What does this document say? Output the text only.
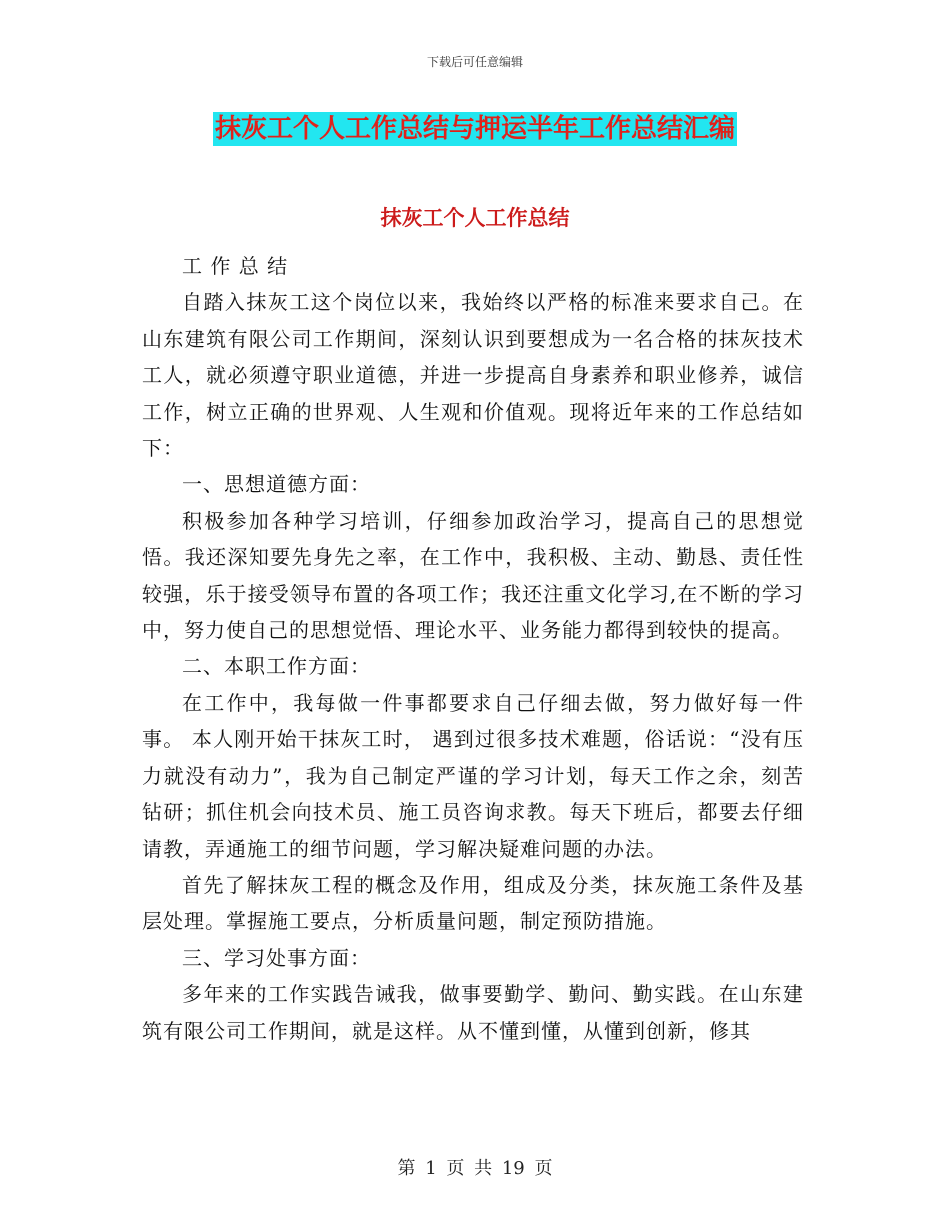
下载后可任意编辑
抹灰工个人工作总结与押运半年工作总结汇编
抹灰工个人工作总结

工 作 总 结

自踏入抹灰工这个岗位以来，我始终以严格的标准来要求自己。在山东建筑有限公司工作期间，深刻认识到要想成为一名合格的抹灰技术工人，就必须遵守职业道德，并进一步提高自身素养和职业修养，诚信工作，树立正确的世界观、人生观和价值观。现将近年来的工作总结如下：

一、思想道德方面：

积极参加各种学习培训，仔细参加政治学习，提高自己的思想觉悟。我还深知要先身先之率，在工作中，我积极、主动、勤恳、责任性较强，乐于接受领导布置的各项工作；我还注重文化学习,在不断的学习中，努力使自己的思想觉悟、理论水平、业务能力都得到较快的提高。

二、本职工作方面：

在工作中，我每做一件事都要求自己仔细去做，努力做好每一件事。 本人刚开始干抹灰工时， 遇到过很多技术难题，俗话说：“没有压力就没有动力”，我为自己制定严谨的学习计划，每天工作之余，刻苦钻研；抓住机会向技术员、施工员咨询求教。每天下班后，都要去仔细请教，弄通施工的细节问题，学习解决疑难问题的办法。

首先了解抹灰工程的概念及作用，组成及分类，抹灰施工条件及基层处理。掌握施工要点，分析质量问题，制定预防措施。

三、学习处事方面：

多年来的工作实践告诫我，做事要勤学、勤问、勤实践。在山东建筑有限公司工作期间，就是这样。从不懂到懂，从懂到创新，修其

第 1 页 共 19 页
